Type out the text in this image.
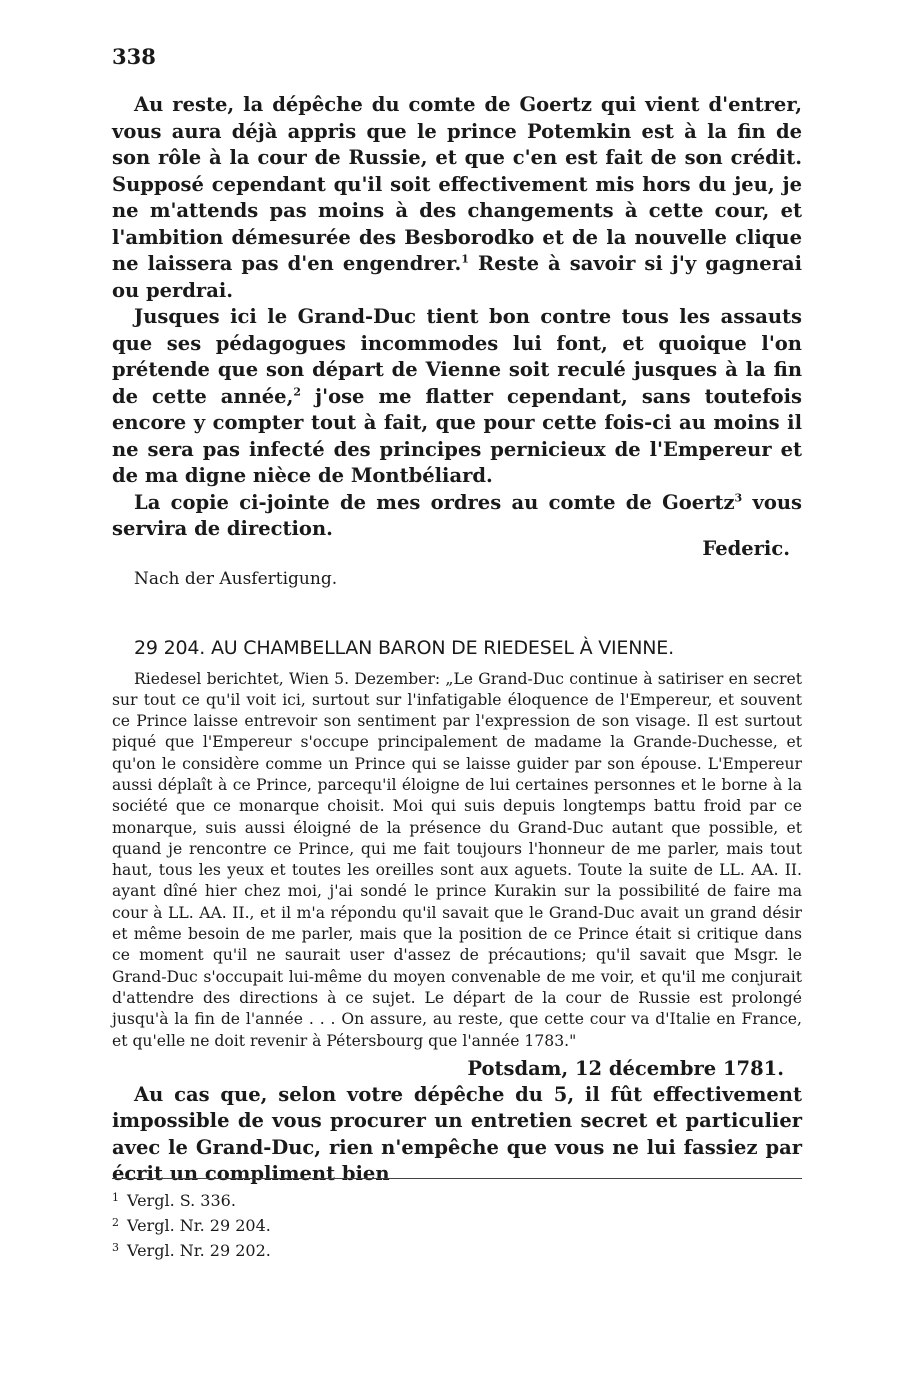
338

Au reste, la dépêche du comte de Goertz qui vient d'entrer, vous aura déjà appris que le prince Potemkin est à la fin de son rôle à la cour de Russie, et que c'en est fait de son crédit. Supposé cependant qu'il soit effectivement mis hors du jeu, je ne m'attends pas moins à des changements à cette cour, et l'ambition démesurée des Besborodko et de la nouvelle clique ne laissera pas d'en engendrer.$^1$ Reste à savoir si j'y gagnerai ou perdrai.

Jusques ici le Grand-Duc tient bon contre tous les assauts que ses pédagogues incommodes lui font, et quoique l'on prétende que son départ de Vienne soit reculé jusques à la fin de cette année,$^2$ j'ose me flatter cependant, sans toutefois encore y compter tout à fait, que pour cette fois-ci au moins il ne sera pas infecté des principes pernicieux de l'Empereur et de ma digne nièce de Montbéliard.

La copie ci-jointe de mes ordres au comte de Goertz$^3$ vous servira de direction.

Federic.

Nach der Ausfertigung.

29 204. AU CHAMBELLAN BARON DE RIEDESEL À VIENNE.

Riedesel berichtet, Wien 5. Dezember: „Le Grand-Duc continue à satiriser en secret sur tout ce qu'il voit ici, surtout sur l'infatigable éloquence de l'Empereur, et souvent ce Prince laisse entrevoir son sentiment par l'expression de son visage. Il est surtout piqué que l'Empereur s'occupe principalement de madame la Grande-Duchesse, et qu'on le considère comme un Prince qui se laisse guider par son épouse. L'Empereur aussi déplaît à ce Prince, parcequ'il éloigne de lui certaines personnes et le borne à la société que ce monarque choisit. Moi qui suis depuis longtemps battu froid par ce monarque, suis aussi éloigné de la présence du Grand-Duc autant que possible, et quand je rencontre ce Prince, qui me fait toujours l'honneur de me parler, mais tout haut, tous les yeux et toutes les oreilles sont aux aguets. Toute la suite de LL. AA. II. ayant dîné hier chez moi, j'ai sondé le prince Kurakin sur la possibilité de faire ma cour à LL. AA. II., et il m'a répondu qu'il savait que le Grand-Duc avait un grand désir et même besoin de me parler, mais que la position de ce Prince était si critique dans ce moment qu'il ne saurait user d'assez de précautions; qu'il savait que Msgr. le Grand-Duc s'occupait lui-même du moyen convenable de me voir, et qu'il me conjurait d'attendre des directions à ce sujet. Le départ de la cour de Russie est prolongé jusqu'à la fin de l'année . . . On assure, au reste, que cette cour va d'Italie en France, et qu'elle ne doit revenir à Pétersbourg que l'année 1783."

Potsdam, 12 décembre 1781.

Au cas que, selon votre dépêche du 5, il fût effectivement impossible de vous procurer un entretien secret et particulier avec le Grand-Duc, rien n'empêche que vous ne lui fassiez par écrit un compliment bien

$^1$ Vergl. S. 336.
$^2$ Vergl. Nr. 29 204.
$^3$ Vergl. Nr. 29 202.
